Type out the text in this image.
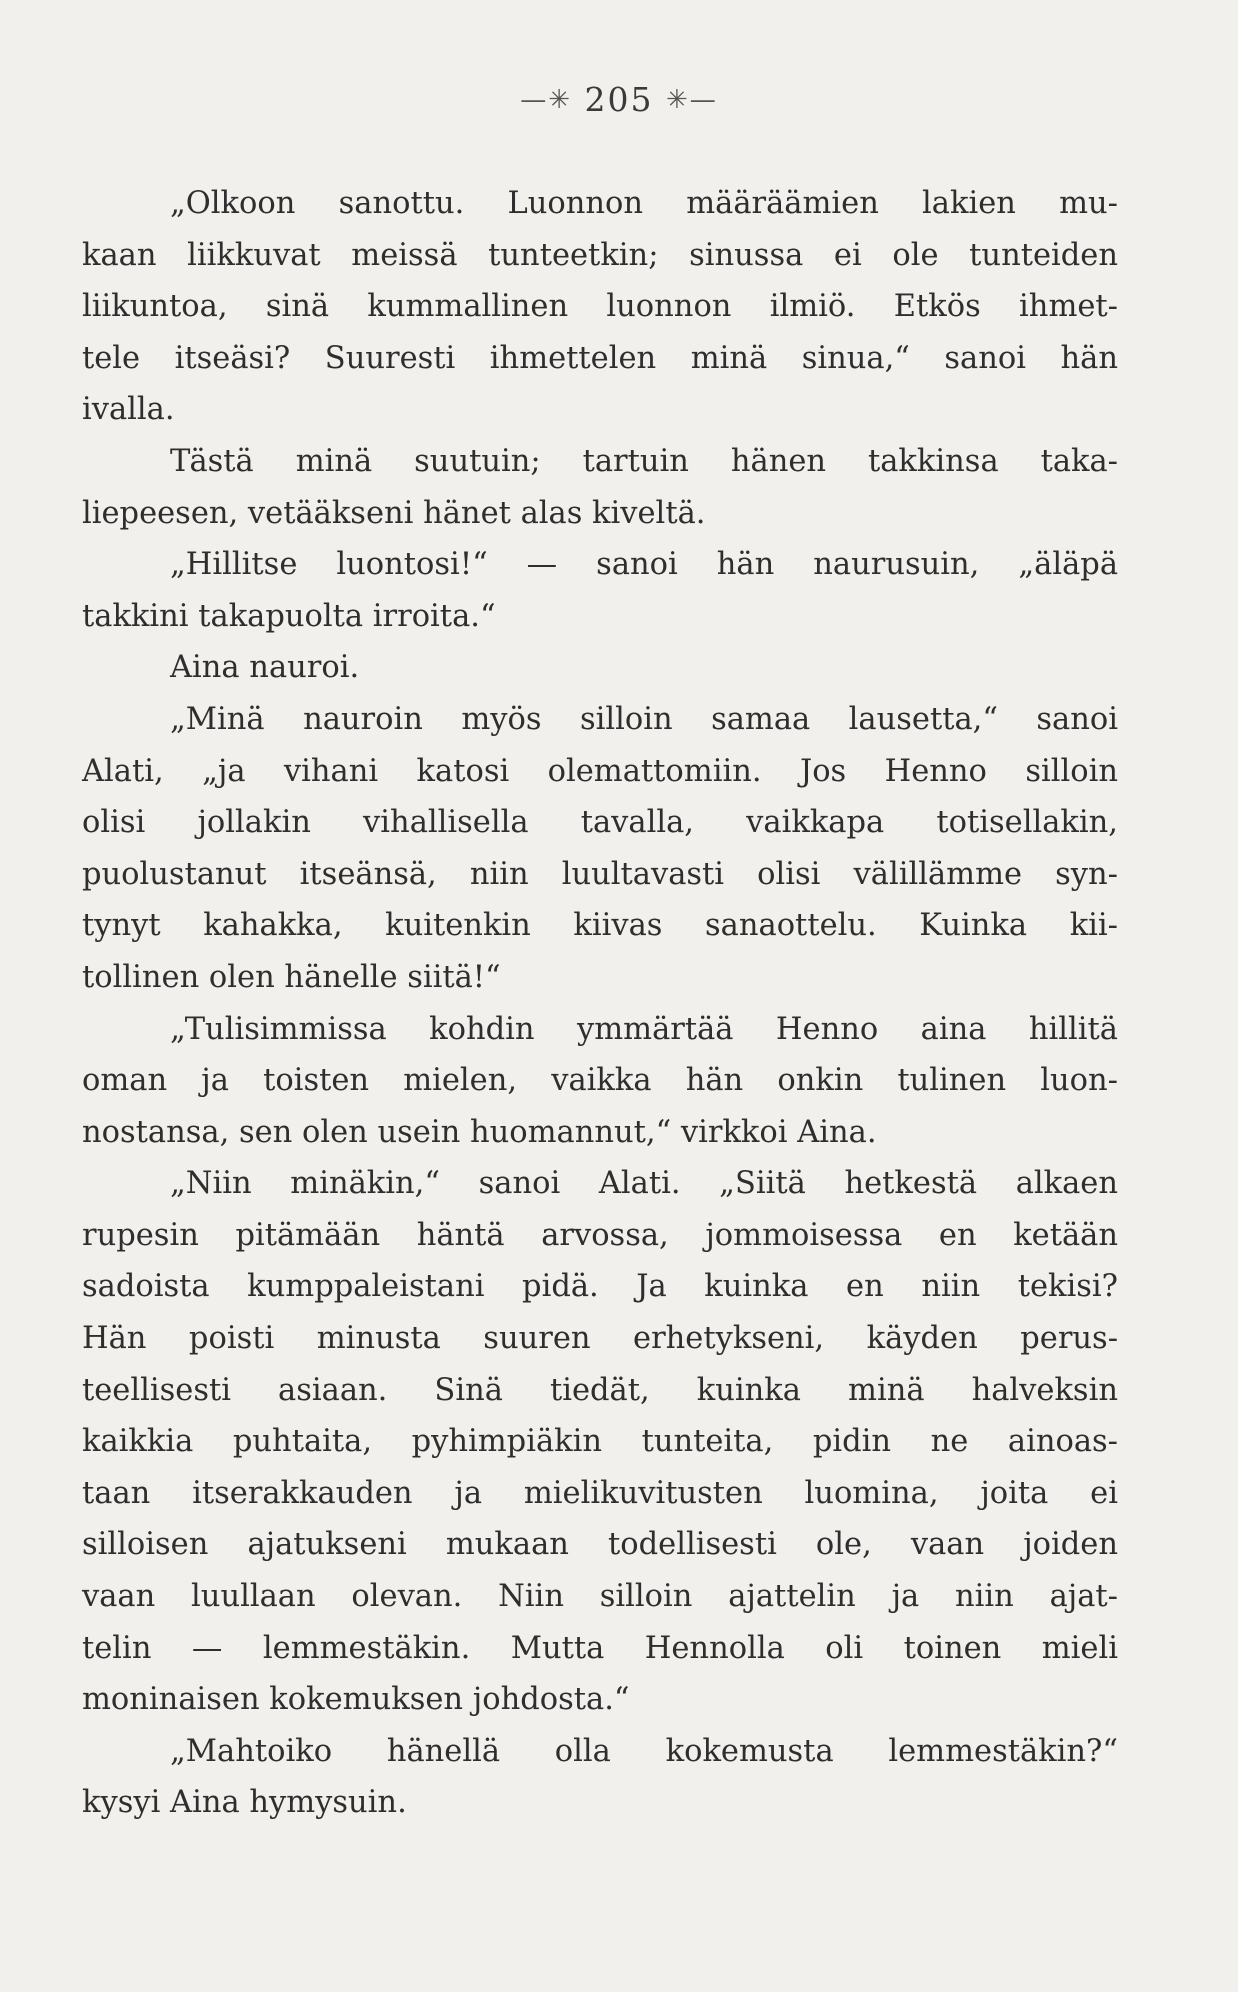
—✳ 205 ✳—
„Olkoon sanottu. Luonnon määräämien lakien mu-
kaan liikkuvat meissä tunteetkin; sinussa ei ole tunteiden
liikuntoa, sinä kummallinen luonnon ilmiö. Etkös ihmet-
tele itseäsi? Suuresti ihmettelen minä sinua,“ sanoi hän
ivalla.
Tästä minä suutuin; tartuin hänen takkinsa taka-
liepeesen, vetääkseni hänet alas kiveltä.
„Hillitse luontosi!“ — sanoi hän naurusuin, „äläpä
takkini takapuolta irroita.“
Aina nauroi.
„Minä nauroin myös silloin samaa lausetta,“ sanoi
Alati, „ja vihani katosi olemattomiin. Jos Henno silloin
olisi jollakin vihallisella tavalla, vaikkapa totisellakin,
puolustanut itseänsä, niin luultavasti olisi välillämme syn-
tynyt kahakka, kuitenkin kiivas sanaottelu. Kuinka kii-
tollinen olen hänelle siitä!“
„Tulisimmissa kohdin ymmärtää Henno aina hillitä
oman ja toisten mielen, vaikka hän onkin tulinen luon-
nostansa, sen olen usein huomannut,“ virkkoi Aina.
„Niin minäkin,“ sanoi Alati. „Siitä hetkestä alkaen
rupesin pitämään häntä arvossa, jommoisessa en ketään
sadoista kumppaleistani pidä. Ja kuinka en niin tekisi?
Hän poisti minusta suuren erhetykseni, käyden perus-
teellisesti asiaan. Sinä tiedät, kuinka minä halveksin
kaikkia puhtaita, pyhimpiäkin tunteita, pidin ne ainoas-
taan itserakkauden ja mielikuvitusten luomina, joita ei
silloisen ajatukseni mukaan todellisesti ole, vaan joiden
vaan luullaan olevan. Niin silloin ajattelin ja niin ajat-
telin — lemmestäkin. Mutta Hennolla oli toinen mieli
moninaisen kokemuksen johdosta.“
„Mahtoiko hänellä olla kokemusta lemmestäkin?“
kysyi Aina hymysuin.
